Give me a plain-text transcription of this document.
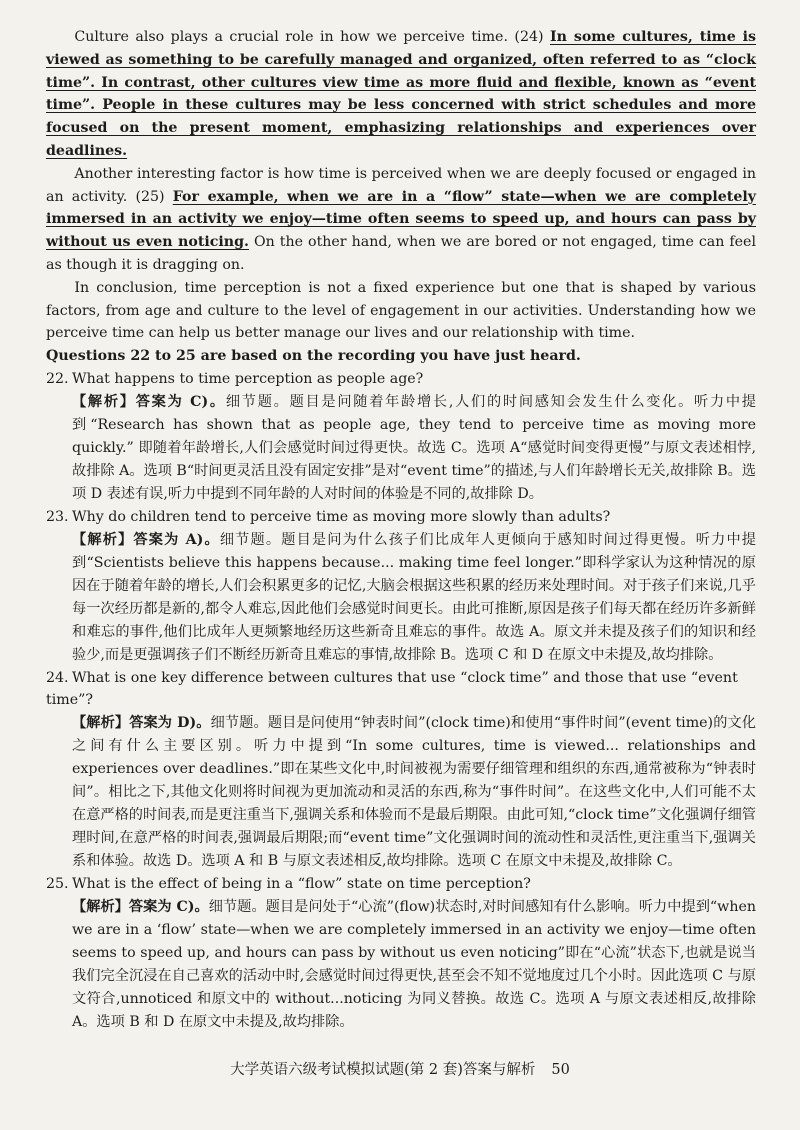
Culture also plays a crucial role in how we perceive time. (24) In some cultures, time is viewed as something to be carefully managed and organized, often referred to as “clock time”. In contrast, other cultures view time as more fluid and flexible, known as “event time”. People in these cultures may be less concerned with strict schedules and more focused on the present moment, emphasizing relationships and experiences over deadlines.

Another interesting factor is how time is perceived when we are deeply focused or engaged in an activity. (25) For example, when we are in a “flow” state—when we are completely immersed in an activity we enjoy—time often seems to speed up, and hours can pass by without us even noticing. On the other hand, when we are bored or not engaged, time can feel as though it is dragging on.

In conclusion, time perception is not a fixed experience but one that is shaped by various factors, from age and culture to the level of engagement in our activities. Understanding how we perceive time can help us better manage our lives and our relationship with time.

Questions 22 to 25 are based on the recording you have just heard.

22. What happens to time perception as people age?

【解析】答案为 C)。细节题。题目是问随着年龄增长,人们的时间感知会发生什么变化。听力中提到“Research has shown that as people age, they tend to perceive time as moving more quickly.” 即随着年龄增长,人们会感觉时间过得更快。故选 C。选项 A“感觉时间变得更慢”与原文表述相悖,故排除 A。选项 B“时间更灵活且没有固定安排”是对“event time”的描述,与人们年龄增长无关,故排除 B。选项 D 表述有误,听力中提到不同年龄的人对时间的体验是不同的,故排除 D。

23. Why do children tend to perceive time as moving more slowly than adults?

【解析】答案为 A)。细节题。题目是问为什么孩子们比成年人更倾向于感知时间过得更慢。听力中提到“Scientists believe this happens because... making time feel longer.”即科学家认为这种情况的原因在于随着年龄的增长,人们会积累更多的记忆,大脑会根据这些积累的经历来处理时间。对于孩子们来说,几乎每一次经历都是新的,都令人难忘,因此他们会感觉时间更长。由此可推断,原因是孩子们每天都在经历许多新鲜和难忘的事件,他们比成年人更频繁地经历这些新奇且难忘的事件。故选 A。原文并未提及孩子们的知识和经验少,而是更强调孩子们不断经历新奇且难忘的事情,故排除 B。选项 C 和 D 在原文中未提及,故均排除。

24. What is one key difference between cultures that use “clock time” and those that use “event time”?

【解析】答案为 D)。细节题。题目是问使用“钟表时间”(clock time)和使用“事件时间”(event time)的文化之间有什么主要区别。听力中提到“In some cultures, time is viewed... relationships and experiences over deadlines.”即在某些文化中,时间被视为需要仔细管理和组织的东西,通常被称为“钟表时间”。相比之下,其他文化则将时间视为更加流动和灵活的东西,称为“事件时间”。在这些文化中,人们可能不太在意严格的时间表,而是更注重当下,强调关系和体验而不是最后期限。由此可知,“clock time”文化强调仔细管理时间,在意严格的时间表,强调最后期限;而“event time”文化强调时间的流动性和灵活性,更注重当下,强调关系和体验。故选 D。选项 A 和 B 与原文表述相反,故均排除。选项 C 在原文中未提及,故排除 C。

25. What is the effect of being in a “flow” state on time perception?

【解析】答案为 C)。细节题。题目是问处于“心流”(flow)状态时,对时间感知有什么影响。听力中提到“when we are in a ‘flow’ state—when we are completely immersed in an activity we enjoy—time often seems to speed up, and hours can pass by without us even noticing”即在“心流”状态下,也就是说当我们完全沉浸在自己喜欢的活动中时,会感觉时间过得更快,甚至会不知不觉地度过几个小时。因此选项 C 与原文符合,unnoticed 和原文中的 without...noticing 为同义替换。故选 C。选项 A 与原文表述相反,故排除 A。选项 B 和 D 在原文中未提及,故均排除。

大学英语六级考试模拟试题(第 2 套)答案与解析 50
